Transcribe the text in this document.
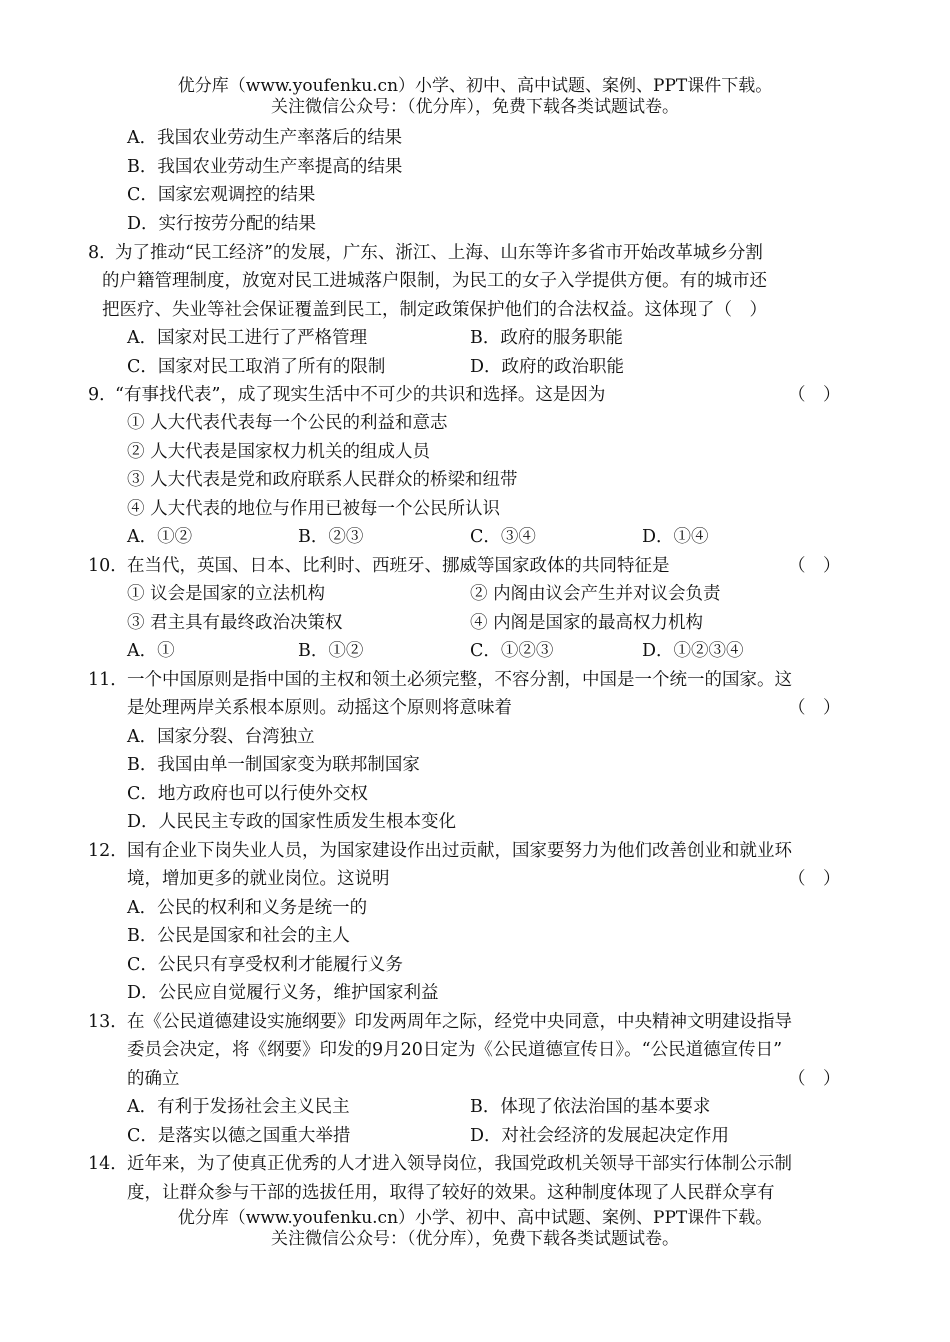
优分库（www.youfenku.cn）小学、初中、高中试题、案例、PPT课件下载。
关注微信公众号：（优分库），免费下载各类试题试卷。
A．我国农业劳动生产率落后的结果
B．我国农业劳动生产率提高的结果
C．国家宏观调控的结果
D．实行按劳分配的结果
8．
为了推动“民工经济”的发展，广东、浙江、上海、山东等许多省市开始改革城乡分割
的户籍管理制度，放宽对民工进城落户限制，为民工的女子入学提供方便。有的城市还
把医疗、失业等社会保证覆盖到民工，制定政策保护他们的合法权益。这体现了（　）
A．国家对民工进行了严格管理	B．政府的服务职能
C．国家对民工取消了所有的限制	D．政府的政治职能
9．
“有事找代表”，成了现实生活中不可少的共识和选择。这是因为	（　）
① 人大代表代表每一个公民的利益和意志
② 人大代表是国家权力机关的组成人员
③ 人大代表是党和政府联系人民群众的桥梁和纽带
④ 人大代表的地位与作用已被每一个公民所认识
A．①②	B．②③	C．③④	D．①④
10． 在当代，英国、日本、比利时、西班牙、挪威等国家政体的共同特征是	（　）
① 议会是国家的立法机构	② 内阁由议会产生并对议会负责
③ 君主具有最终政治决策权	④ 内阁是国家的最高权力机构
A．①	B．①②	C．①②③	D．①②③④
11． 一个中国原则是指中国的主权和领土必须完整，不容分割，中国是一个统一的国家。这
是处理两岸关系根本原则。动摇这个原则将意味着	（　）
A．国家分裂、台湾独立
B．我国由单一制国家变为联邦制国家
C．地方政府也可以行使外交权
D．人民民主专政的国家性质发生根本变化
12． 国有企业下岗失业人员，为国家建设作出过贡献，国家要努力为他们改善创业和就业环
境，增加更多的就业岗位。这说明	（　）
A．公民的权利和义务是统一的
B．公民是国家和社会的主人
C．公民只有享受权利才能履行义务
D．公民应自觉履行义务，维护国家利益
13． 在《公民道德建设实施纲要》印发两周年之际，经党中央同意，中央精神文明建设指导
委员会决定，将《纲要》印发的9月20日定为《公民道德宣传日》。“公民道德宣传日”
的确立	（　）
A．有利于发扬社会主义民主	B．体现了依法治国的基本要求
C．是落实以德之国重大举措	D．对社会经济的发展起决定作用
14． 近年来，为了使真正优秀的人才进入领导岗位，我国党政机关领导干部实行体制公示制
度，让群众参与干部的选拔任用，取得了较好的效果。这种制度体现了人民群众享有
优分库（www.youfenku.cn）小学、初中、高中试题、案例、PPT课件下载。
关注微信公众号：（优分库），免费下载各类试题试卷。
